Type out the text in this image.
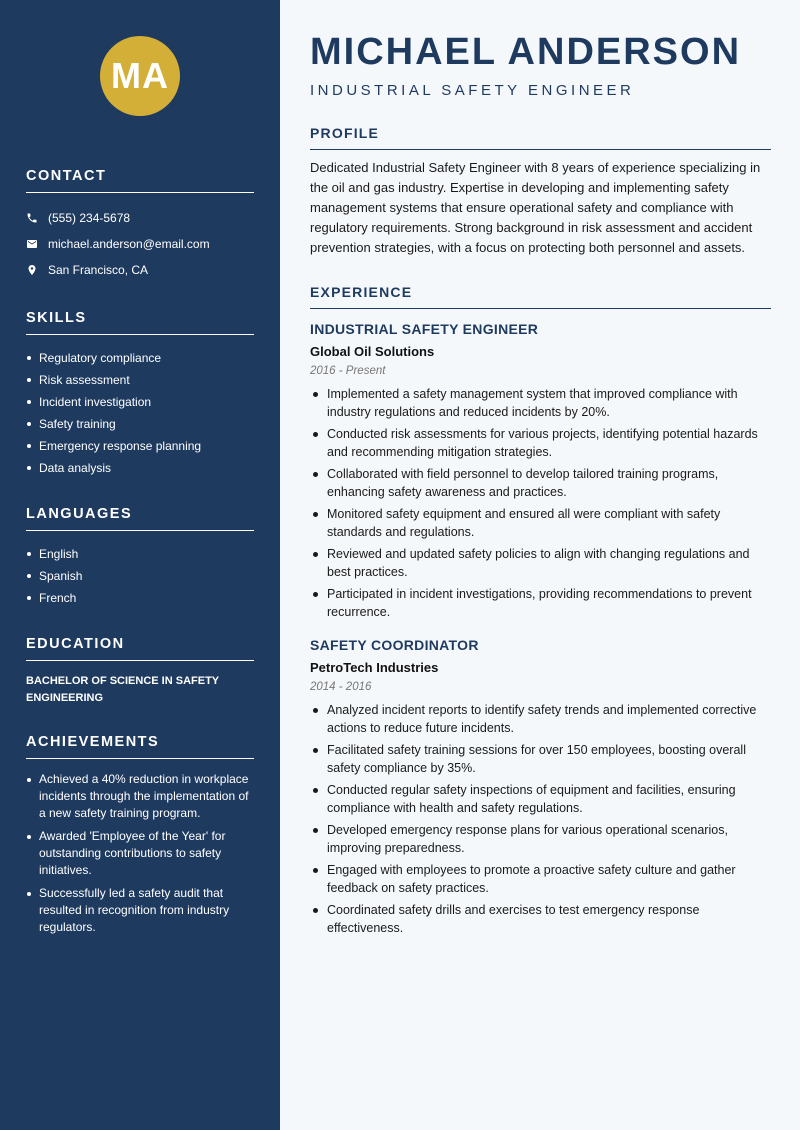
MA
CONTACT
(555) 234-5678
michael.anderson@email.com
San Francisco, CA
SKILLS
Regulatory compliance
Risk assessment
Incident investigation
Safety training
Emergency response planning
Data analysis
LANGUAGES
English
Spanish
French
EDUCATION
BACHELOR OF SCIENCE IN SAFETY ENGINEERING
ACHIEVEMENTS
Achieved a 40% reduction in workplace incidents through the implementation of a new safety training program.
Awarded 'Employee of the Year' for outstanding contributions to safety initiatives.
Successfully led a safety audit that resulted in recognition from industry regulators.
MICHAEL ANDERSON
INDUSTRIAL SAFETY ENGINEER
PROFILE

Dedicated Industrial Safety Engineer with 8 years of experience specializing in the oil and gas industry. Expertise in developing and implementing safety management systems that ensure operational safety and compliance with regulatory requirements. Strong background in risk assessment and accident prevention strategies, with a focus on protecting both personnel and assets.

EXPERIENCE
INDUSTRIAL SAFETY ENGINEER
Global Oil Solutions
2016 - Present
Implemented a safety management system that improved compliance with industry regulations and reduced incidents by 20%.
Conducted risk assessments for various projects, identifying potential hazards and recommending mitigation strategies.
Collaborated with field personnel to develop tailored training programs, enhancing safety awareness and practices.
Monitored safety equipment and ensured all were compliant with safety standards and regulations.
Reviewed and updated safety policies to align with changing regulations and best practices.
Participated in incident investigations, providing recommendations to prevent recurrence.
SAFETY COORDINATOR
PetroTech Industries
2014 - 2016
Analyzed incident reports to identify safety trends and implemented corrective actions to reduce future incidents.
Facilitated safety training sessions for over 150 employees, boosting overall safety compliance by 35%.
Conducted regular safety inspections of equipment and facilities, ensuring compliance with health and safety regulations.
Developed emergency response plans for various operational scenarios, improving preparedness.
Engaged with employees to promote a proactive safety culture and gather feedback on safety practices.
Coordinated safety drills and exercises to test emergency response effectiveness.
